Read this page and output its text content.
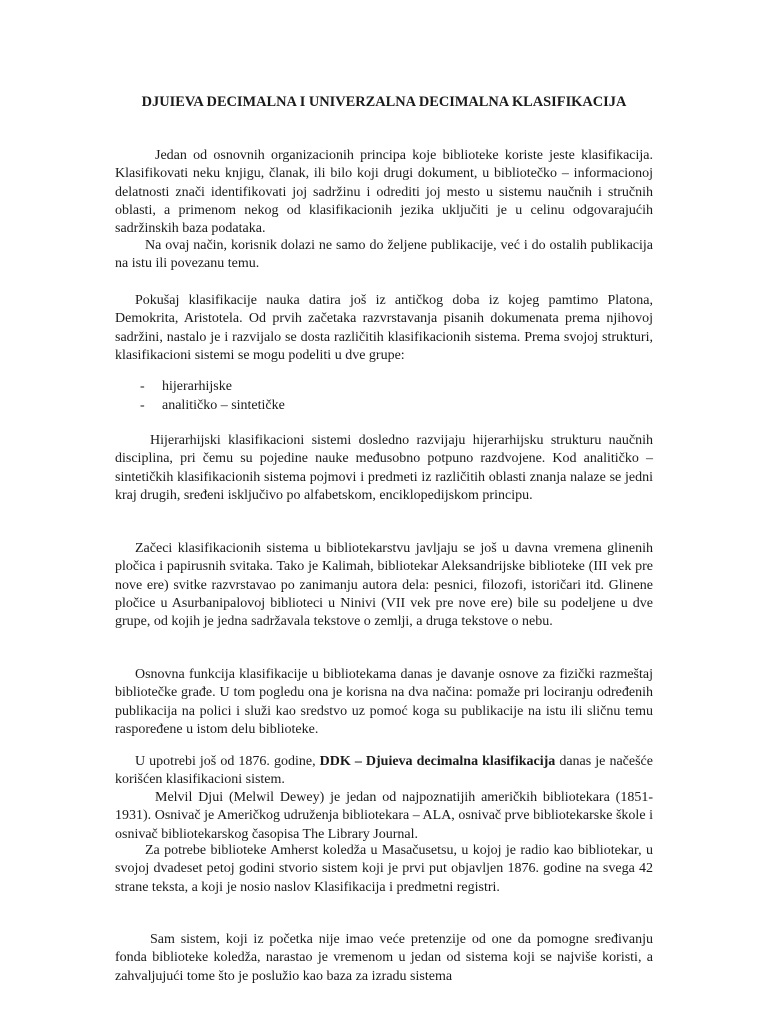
DJUIEVA DECIMALNA I UNIVERZALNA DECIMALNA KLASIFIKACIJA

Jedan od osnovnih organizacionih principa koje biblioteke koriste jeste klasifikacija. Klasifikovati neku knjigu, članak, ili bilo koji drugi dokument, u bibliotečko – informacionoj delatnosti znači identifikovati joj sadržinu i odrediti joj mesto u sistemu naučnih i stručnih oblasti, a primenom nekog od klasifikacionih jezika uključiti je u celinu odgovarajućih sadržinskih baza podataka.

Na ovaj način, korisnik dolazi ne samo do željene publikacije, već i do ostalih publikacija na istu ili povezanu temu.

Pokušaj klasifikacije nauka datira još iz antičkog doba iz kojeg pamtimo Platona, Demokrita, Aristotela. Od prvih začetaka razvrstavanja pisanih dokumenata prema njihovoj sadržini, nastalo je i razvijalo se dosta različitih klasifikacionih sistema. Prema svojoj strukturi, klasifikacioni sistemi se mogu podeliti u dve grupe:

- hijerarhijske
- analitičko – sintetičke

Hijerarhijski klasifikacioni sistemi dosledno razvijaju hijerarhijsku strukturu naučnih disciplina, pri čemu su pojedine nauke međusobno potpuno razdvojene. Kod analitičko – sintetičkih klasifikacionih sistema pojmovi i predmeti iz različitih oblasti znanja nalaze se jedni kraj drugih, sređeni isključivo po alfabetskom, enciklopedijskom principu.

Začeci klasifikacionih sistema u bibliotekarstvu javljaju se još u davna vremena glinenih pločica i papirusnih svitaka. Tako je Kalimah, bibliotekar Aleksandrijske biblioteke (III vek pre nove ere) svitke razvrstavao po zanimanju autora dela: pesnici, filozofi, istoričari itd. Glinene pločice u Asurbanipalovoj biblioteci u Ninivi (VII vek pre nove ere) bile su podeljene u dve grupe, od kojih je jedna sadržavala tekstove o zemlji, a druga tekstove o nebu.

Osnovna funkcija klasifikacije u bibliotekama danas je davanje osnove za fizički razmeštaj bibliotečke građe. U tom pogledu ona je korisna na dva načina: pomaže pri lociranju određenih publikacija na polici i služi kao sredstvo uz pomoć koga su publikacije na istu ili sličnu temu raspoređene u istom delu biblioteke.

U upotrebi još od 1876. godine, DDK – Djuieva decimalna klasifikacija danas je načešće korišćen klasifikacioni sistem.

Melvil Djui (Melwil Dewey) je jedan od najpoznatijih američkih bibliotekara (1851-1931). Osnivač je Američkog udruženja bibliotekara – ALA, osnivač prve bibliotekarske škole i osnivač bibliotekarskog časopisa The Library Journal.

Za potrebe biblioteke Amherst koledža u Masačusetsu, u kojoj je radio kao bibliotekar, u svojoj dvadeset petoj godini stvorio sistem koji je prvi put objavljen 1876. godine na svega 42 strane teksta, a koji je nosio naslov Klasifikacija i predmetni registri.

Sam sistem, koji iz početka nije imao veće pretenzije od one da pomogne sređivanju fonda biblioteke koledža, narastao je vremenom u jedan od sistema koji se najviše koristi, a zahvaljujući tome što je poslužio kao baza za izradu sistema
